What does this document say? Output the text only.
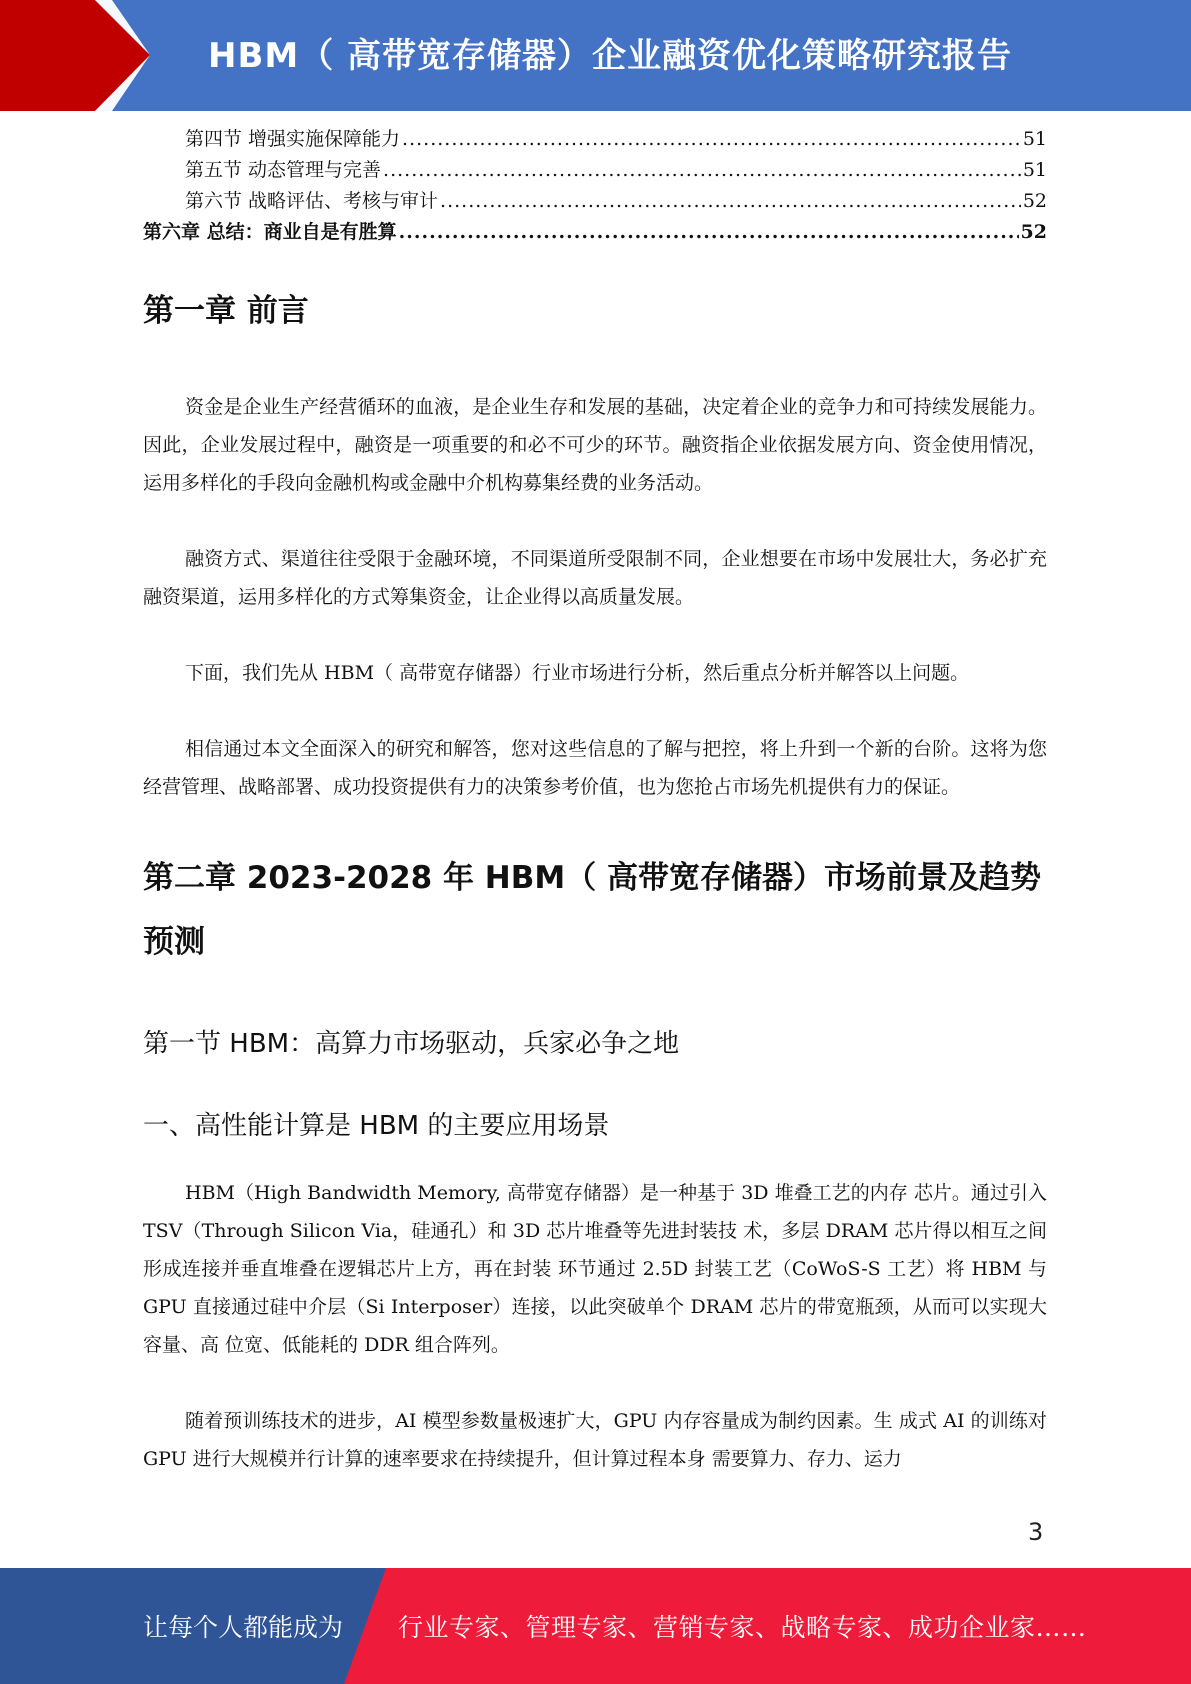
HBM（ 高带宽存储器）企业融资优化策略研究报告
第四节 增强实施保障能力 .....	51
第五节 动态管理与完善 .....	51
第六节 战略评估、考核与审计 .....	52
第六章 总结：商业自是有胜算 .....	52
第一章 前言

资金是企业生产经营循环的血液，是企业生存和发展的基础，决定着企业的竞争力和可持续发展能力。因此，企业发展过程中，融资是一项重要的和必不可少的环节。融资指企业依据发展方向、资金使用情况，运用多样化的手段向金融机构或金融中介机构募集经费的业务活动。

融资方式、渠道往往受限于金融环境，不同渠道所受限制不同，企业想要在市场中发展壮大，务必扩充融资渠道，运用多样化的方式筹集资金，让企业得以高质量发展。

下面，我们先从 HBM（ 高带宽存储器）行业市场进行分析，然后重点分析并解答以上问题。

相信通过本文全面深入的研究和解答，您对这些信息的了解与把控，将上升到一个新的台阶。这将为您经营管理、战略部署、成功投资提供有力的决策参考价值，也为您抢占市场先机提供有力的保证。

第二章 2023-2028 年 HBM（ 高带宽存储器）市场前景及趋势预测
第一节 HBM：高算力市场驱动，兵家必争之地
一、高性能计算是 HBM 的主要应用场景

HBM（High Bandwidth Memory, 高带宽存储器）是一种基于 3D 堆叠工艺的内存 芯片。通过引入 TSV（Through Silicon Via，硅通孔）和 3D 芯片堆叠等先进封装技 术，多层 DRAM 芯片得以相互之间形成连接并垂直堆叠在逻辑芯片上方，再在封装 环节通过 2.5D 封装工艺（CoWoS-S 工艺）将 HBM 与 GPU 直接通过硅中介层（Si Interposer）连接，以此突破单个 DRAM 芯片的带宽瓶颈，从而可以实现大容量、高 位宽、低能耗的 DDR 组合阵列。

随着预训练技术的进步，AI 模型参数量极速扩大，GPU 内存容量成为制约因素。生 成式 AI 的训练对 GPU 进行大规模并行计算的速率要求在持续提升，但计算过程本身 需要算力、存力、运力

3
让每个人都能成为 行业专家、管理专家、营销专家、战略专家、成功企业家……
